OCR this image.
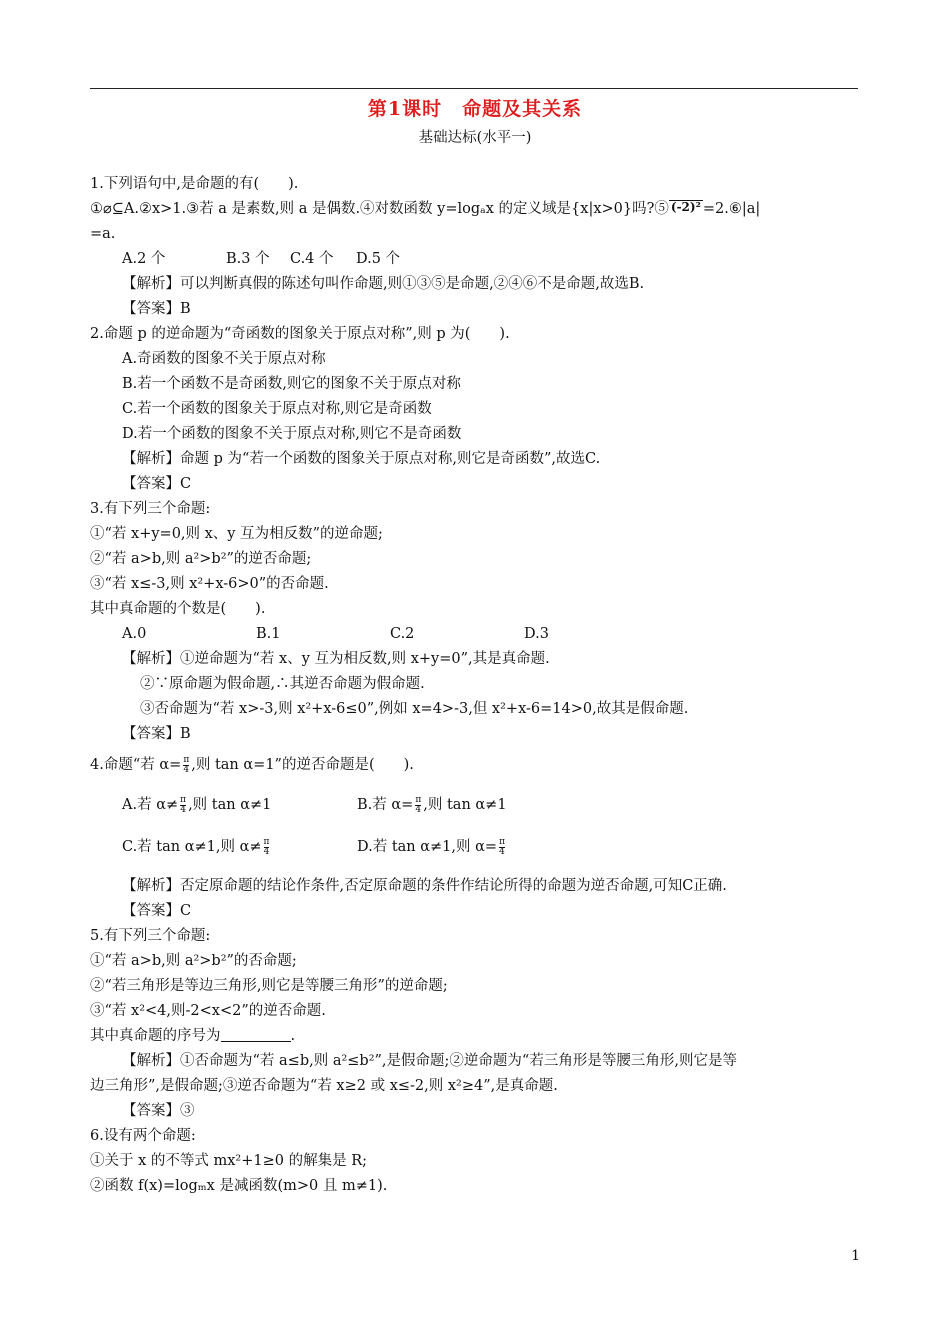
第1课时　命题及其关系
基础达标(水平一)
1.下列语句中,是命题的有(　　).
①⌀⊆A.②x>1.③若 a 是素数,则 a 是偶数.④对数函数 y=logₐx 的定义域是{x|x>0}吗?⑤ (-2)² =2.⑥|a|
=a.
A.2 个	B.3 个 C.4 个 D.5 个
【解析】可以判断真假的陈述句叫作命题,则①③⑤是命题,②④⑥不是命题,故选B.
【答案】B
2.命题 p 的逆命题为“奇函数的图象关于原点对称”,则 p 为(　　).
A.奇函数的图象不关于原点对称
B.若一个函数不是奇函数,则它的图象不关于原点对称
C.若一个函数的图象关于原点对称,则它是奇函数
D.若一个函数的图象不关于原点对称,则它不是奇函数
【解析】命题 p 为“若一个函数的图象关于原点对称,则它是奇函数”,故选C.
【答案】C
3.有下列三个命题:
①“若 x+y=0,则 x、y 互为相反数”的逆命题;
②“若 a>b,则 a²>b²”的逆否命题;
③“若 x≤-3,则 x²+x-6>0”的否命题.
其中真命题的个数是(　　).
A.0	B.1	C.2	D.3
【解析】①逆命题为“若 x、y 互为相反数,则 x+y=0”,其是真命题.
②∵原命题为假命题,∴其逆否命题为假命题.
③否命题为“若 x>-3,则 x²+x-6≤0”,例如 x=4>-3,但 x²+x-6=14>0,故其是假命题.
【答案】B
4.命题“若 $\alpha= \frac{\pi}{4}$ ,则 tan α=1”的逆否命题是(　　).
A.若 $\alpha\ne \frac{\pi}{4}$ ,则 tan α≠1	B.若 $\alpha= \frac{\pi}{4}$ ,则 tan α≠1
C.若 tan α≠1,则 $\alpha\ne \frac{\pi}{4}$	D.若 tan α≠1,则 $\alpha= \frac{\pi}{4}$
【解析】否定原命题的结论作条件,否定原命题的条件作结论所得的命题为逆否命题,可知C正确.
【答案】C
5.有下列三个命题:
①“若 a>b,则 a²>b²”的否命题;
②“若三角形是等边三角形,则它是等腰三角形”的逆命题;
③“若 x²<4,则-2<x<2”的逆否命题.
其中真命题的序号为	.
【解析】①否命题为“若 a≤b,则 a²≤b²”,是假命题;②逆命题为“若三角形是等腰三角形,则它是等
边三角形”,是假命题;③逆否命题为“若 x≥2 或 x≤-2,则 x²≥4”,是真命题.
【答案】③
6.设有两个命题:
①关于 x 的不等式 mx²+1≥0 的解集是 R;
②函数 f(x)=logₘx 是减函数(m>0 且 m≠1).
1
